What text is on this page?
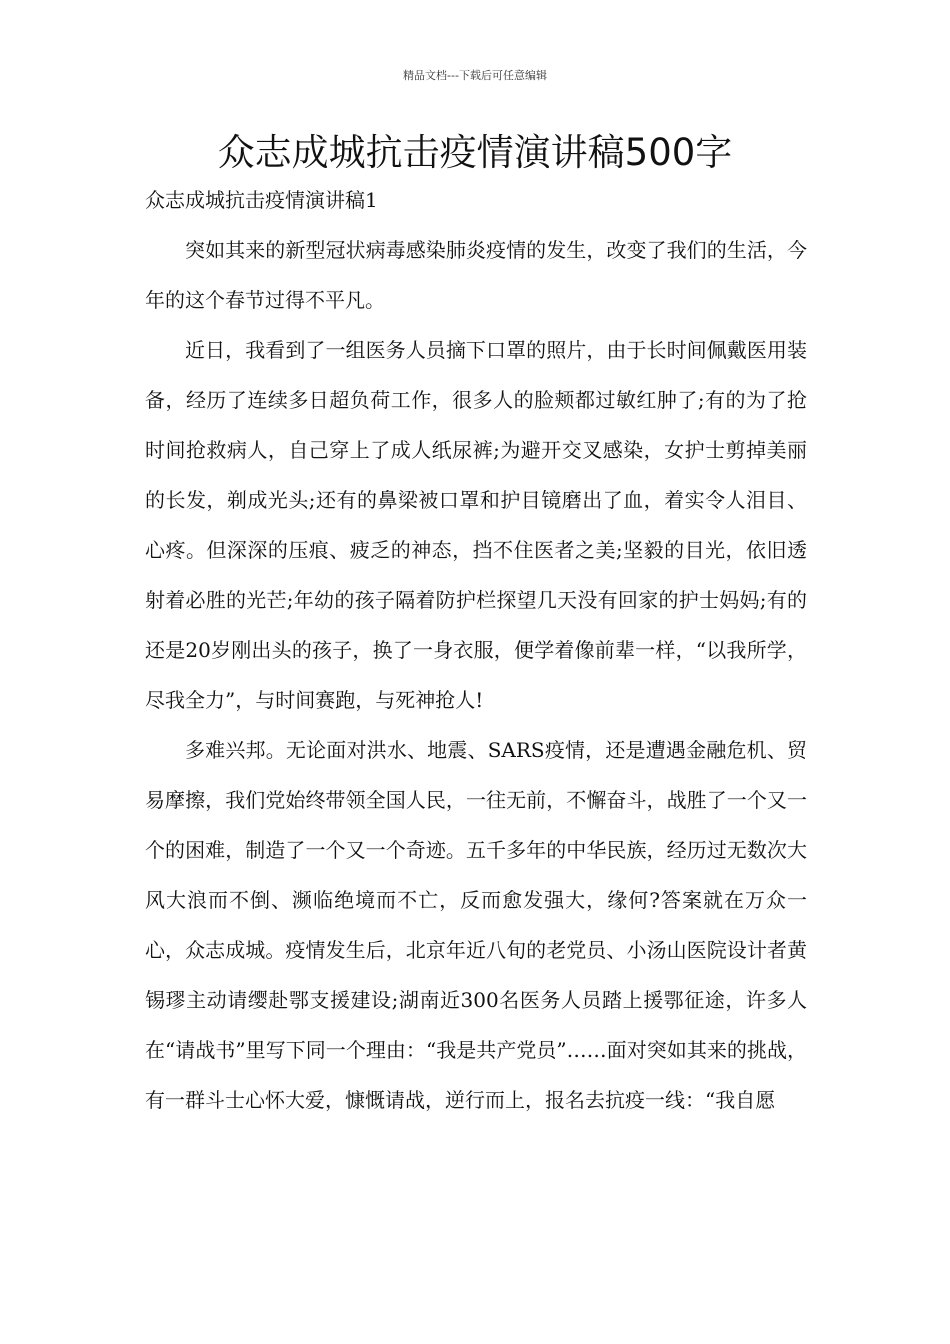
精品文档---下载后可任意编辑
众志成城抗击疫情演讲稿500字

众志成城抗击疫情演讲稿1

突如其来的新型冠状病毒感染肺炎疫情的发生，改变了我们的生活，今年的这个春节过得不平凡。

近日，我看到了一组医务人员摘下口罩的照片，由于长时间佩戴医用装备，经历了连续多日超负荷工作，很多人的脸颊都过敏红肿了;有的为了抢时间抢救病人，自己穿上了成人纸尿裤;为避开交叉感染，女护士剪掉美丽的长发，剃成光头;还有的鼻梁被口罩和护目镜磨出了血，着实令人泪目、心疼。但深深的压痕、疲乏的神态，挡不住医者之美;坚毅的目光，依旧透射着必胜的光芒;年幼的孩子隔着防护栏探望几天没有回家的护士妈妈;有的还是20岁刚出头的孩子，换了一身衣服，便学着像前辈一样，“以我所学，尽我全力”，与时间赛跑，与死神抢人!

多难兴邦。无论面对洪水、地震、SARS疫情，还是遭遇金融危机、贸易摩擦，我们党始终带领全国人民，一往无前，不懈奋斗，战胜了一个又一个的困难，制造了一个又一个奇迹。五千多年的中华民族，经历过无数次大风大浪而不倒、濒临绝境而不亡，反而愈发强大，缘何?答案就在万众一心，众志成城。疫情发生后，北京年近八旬的老党员、小汤山医院设计者黄锡璆主动请缨赴鄂支援建设;湖南近300名医务人员踏上援鄂征途，许多人在“请战书”里写下同一个理由：“我是共产党员”……面对突如其来的挑战，有一群斗士心怀大爱，慷慨请战，逆行而上，报名去抗疫一线：“我自愿
